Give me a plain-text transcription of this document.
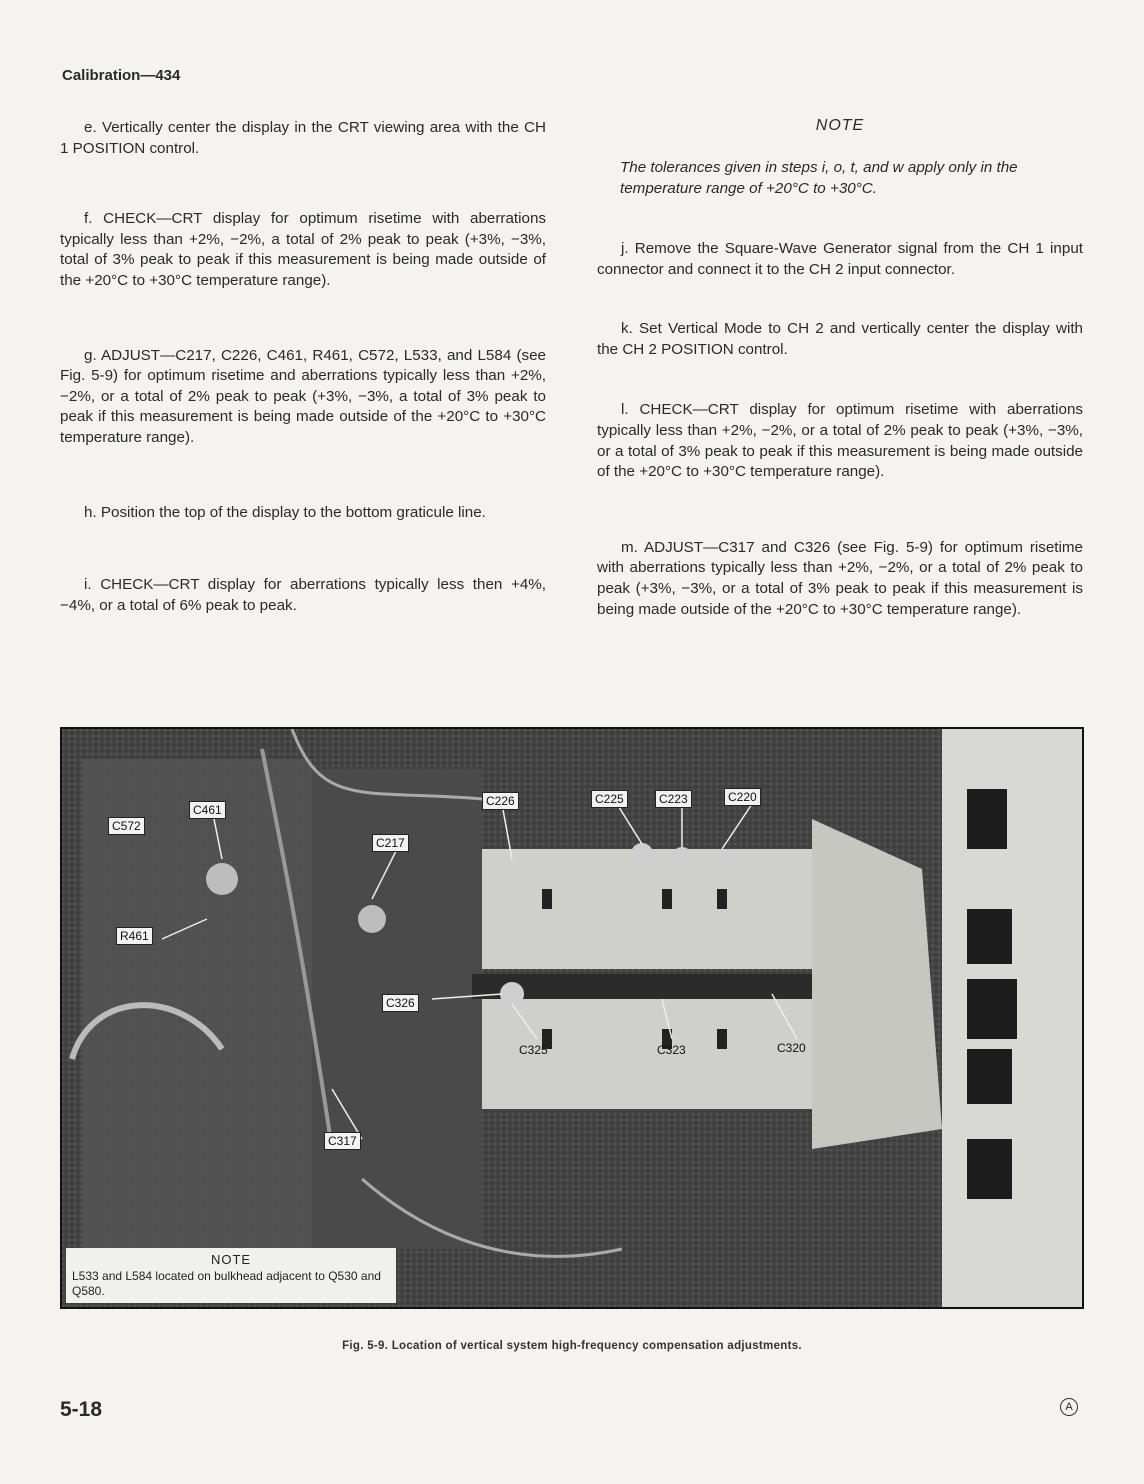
Calibration—434

e. Vertically center the display in the CRT viewing area with the CH 1 POSITION control.

f. CHECK—CRT display for optimum risetime with aberrations typically less than +2%, −2%, a total of 2% peak to peak (+3%, −3%, total of 3% peak to peak if this measurement is being made outside of the +20°C to +30°C temperature range).

g. ADJUST—C217, C226, C461, R461, C572, L533, and L584 (see Fig. 5-9) for optimum risetime and aberrations typically less than +2%, −2%, or a total of 2% peak to peak (+3%, −3%, a total of 3% peak to peak if this measurement is being made outside of the +20°C to +30°C temperature range).

h. Position the top of the display to the bottom graticule line.

i. CHECK—CRT display for aberrations typically less then +4%, −4%, or a total of 6% peak to peak.

NOTE
The tolerances given in steps i, o, t, and w apply only in the temperature range of +20°C to +30°C.

j. Remove the Square-Wave Generator signal from the CH 1 input connector and connect it to the CH 2 input connector.

k. Set Vertical Mode to CH 2 and vertically center the display with the CH 2 POSITION control.

l. CHECK—CRT display for optimum risetime with aberrations typically less than +2%, −2%, or a total of 2% peak to peak (+3%, −3%, or a total of 3% peak to peak if this measurement is being made outside of the +20°C to +30°C temperature range).

m. ADJUST—C317 and C326 (see Fig. 5-9) for optimum risetime with aberrations typically less than +2%, −2%, or a total of 2% peak to peak (+3%, −3%, or a total of 3% peak to peak if this measurement is being made outside of the +20°C to +30°C temperature range).

C461
C572
C217
R461
C226	C225	C223	C220
C326
C325	C323	C320
C317
NOTE
L533 and L584 located on bulkhead adjacent to Q530 and Q580.
Fig. 5-9. Location of vertical system high-frequency compensation adjustments.
5-18	A
